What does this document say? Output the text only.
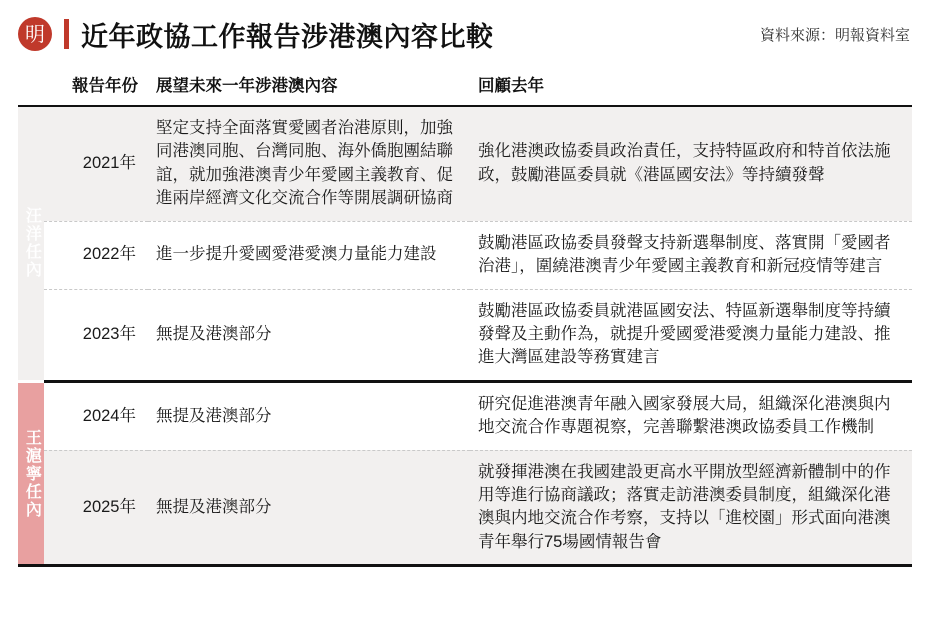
明 近年政協工作報告涉港澳內容比較	資料來源：明報資料室
	報告年份	展望未來一年涉港澳內容	回顧去年

汪洋任內	2021年	堅定支持全面落實愛國者治港原則，加強同港澳同胞、台灣同胞、海外僑胞團結聯誼，就加強港澳青少年愛國主義教育、促進兩岸經濟文化交流合作等開展調研協商	強化港澳政協委員政治責任，支持特區政府和特首依法施政，鼓勵港區委員就《港區國安法》等持續發聲
	2022年	進一步提升愛國愛港愛澳力量能力建設	鼓勵港區政協委員發聲支持新選舉制度、落實開「愛國者治港」，圍繞港澳青少年愛國主義教育和新冠疫情等建言
	2023年	無提及港澳部分	鼓勵港區政協委員就港區國安法、特區新選舉制度等持續發聲及主動作為，就提升愛國愛港愛澳力量能力建設、推進大灣區建設等務實建言

王滬寧任內	2024年	無提及港澳部分	研究促進港澳青年融入國家發展大局，組織深化港澳與内地交流合作專題視察，完善聯繫港澳政協委員工作機制
	2025年	無提及港澳部分	就發揮港澳在我國建設更高水平開放型經濟新體制中的作用等進行協商議政；落實走訪港澳委員制度，組織深化港澳與内地交流合作考察，支持以「進校園」形式面向港澳青年舉行75場國情報告會
